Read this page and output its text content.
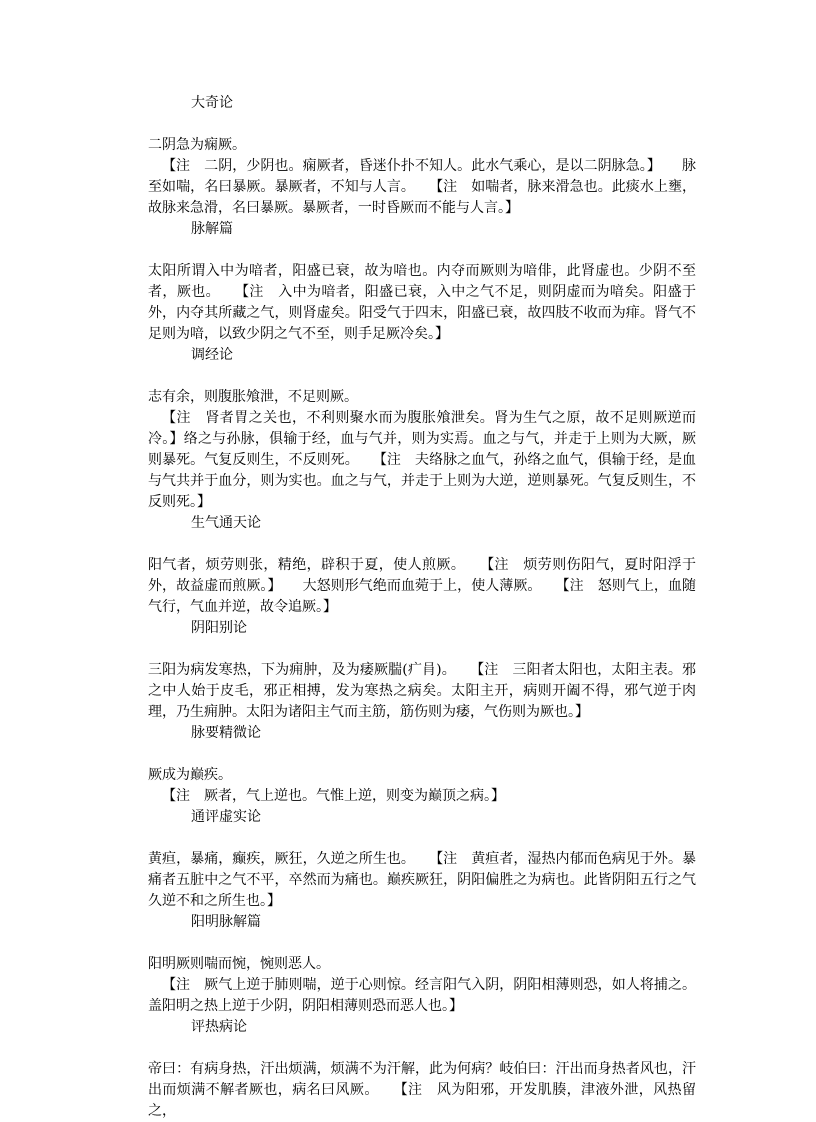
大奇论

二阴急为痫厥。

【注　二阴，少阴也。痫厥者，昏迷仆扑不知人。此水气乘心，是以二阴脉急。】　　脉至如喘，名曰暴厥。暴厥者，不知与人言。　　【注　如喘者，脉来滑急也。此痰水上壅，故脉来急滑，名曰暴厥。暴厥者，一时昏厥而不能与人言。】

脉解篇

太阳所谓入中为喑者，阳盛已衰，故为喑也。内夺而厥则为喑俳，此肾虚也。少阴不至者，厥也。　　【注　入中为喑者，阳盛已衰，入中之气不足，则阴虚而为喑矣。阳盛于外，内夺其所藏之气，则肾虚矣。阳受气于四末，阳盛已衰，故四肢不收而为痱。肾气不足则为喑，以致少阴之气不至，则手足厥冷矣。】

调经论

志有余，则腹胀飧泄，不足则厥。

【注　肾者胃之关也，不利则聚水而为腹胀飧泄矣。肾为生气之原，故不足则厥逆而冷。】络之与孙脉，俱输于经，血与气并，则为实焉。血之与气，并走于上则为大厥，厥则暴死。气复反则生，不反则死。　　【注　夫络脉之血气，孙络之血气，俱输于经，是血与气共并于血分，则为实也。血之与气，并走于上则为大逆，逆则暴死。气复反则生，不反则死。】

生气通天论

阳气者，烦劳则张，精绝，辟积于夏，使人煎厥。　　【注　烦劳则伤阳气，夏时阳浮于外，故益虚而煎厥。】　　大怒则形气绝而血菀于上，使人薄厥。　　【注　怒则气上，血随气行，气血并逆，故令追厥。】

阴阳别论

三阳为病发寒热，下为痈肿，及为痿厥腨(疒肙)。　　【注　三阳者太阳也，太阳主表。邪之中人始于皮毛，邪正相搏，发为寒热之病矣。太阳主开，病则开阖不得，邪气逆于肉理，乃生痈肿。太阳为诸阳主气而主筋，筋伤则为痿，气伤则为厥也。】

脉要精微论

厥成为巅疾。

【注　厥者，气上逆也。气惟上逆，则变为巅顶之病。】

通评虚实论

黄疸，暴痛，癫疾，厥狂，久逆之所生也。　　【注　黄疸者，湿热内郁而色病见于外。暴痛者五脏中之气不平，卒然而为痛也。巅疾厥狂，阴阳偏胜之为病也。此皆阴阳五行之气久逆不和之所生也。】

阳明脉解篇

阳明厥则喘而惋，惋则恶人。

【注　厥气上逆于肺则喘，逆于心则惊。经言阳气入阴，阴阳相薄则恐，如人将捕之。盖阳明之热上逆于少阴，阴阳相薄则恐而恶人也。】

评热病论

帝曰：有病身热，汗出烦满，烦满不为汗解，此为何病？岐伯曰：汗出而身热者风也，汗出而烦满不解者厥也，病名曰风厥。　　【注　风为阳邪，开发肌腠，津液外泄，风热留之，
